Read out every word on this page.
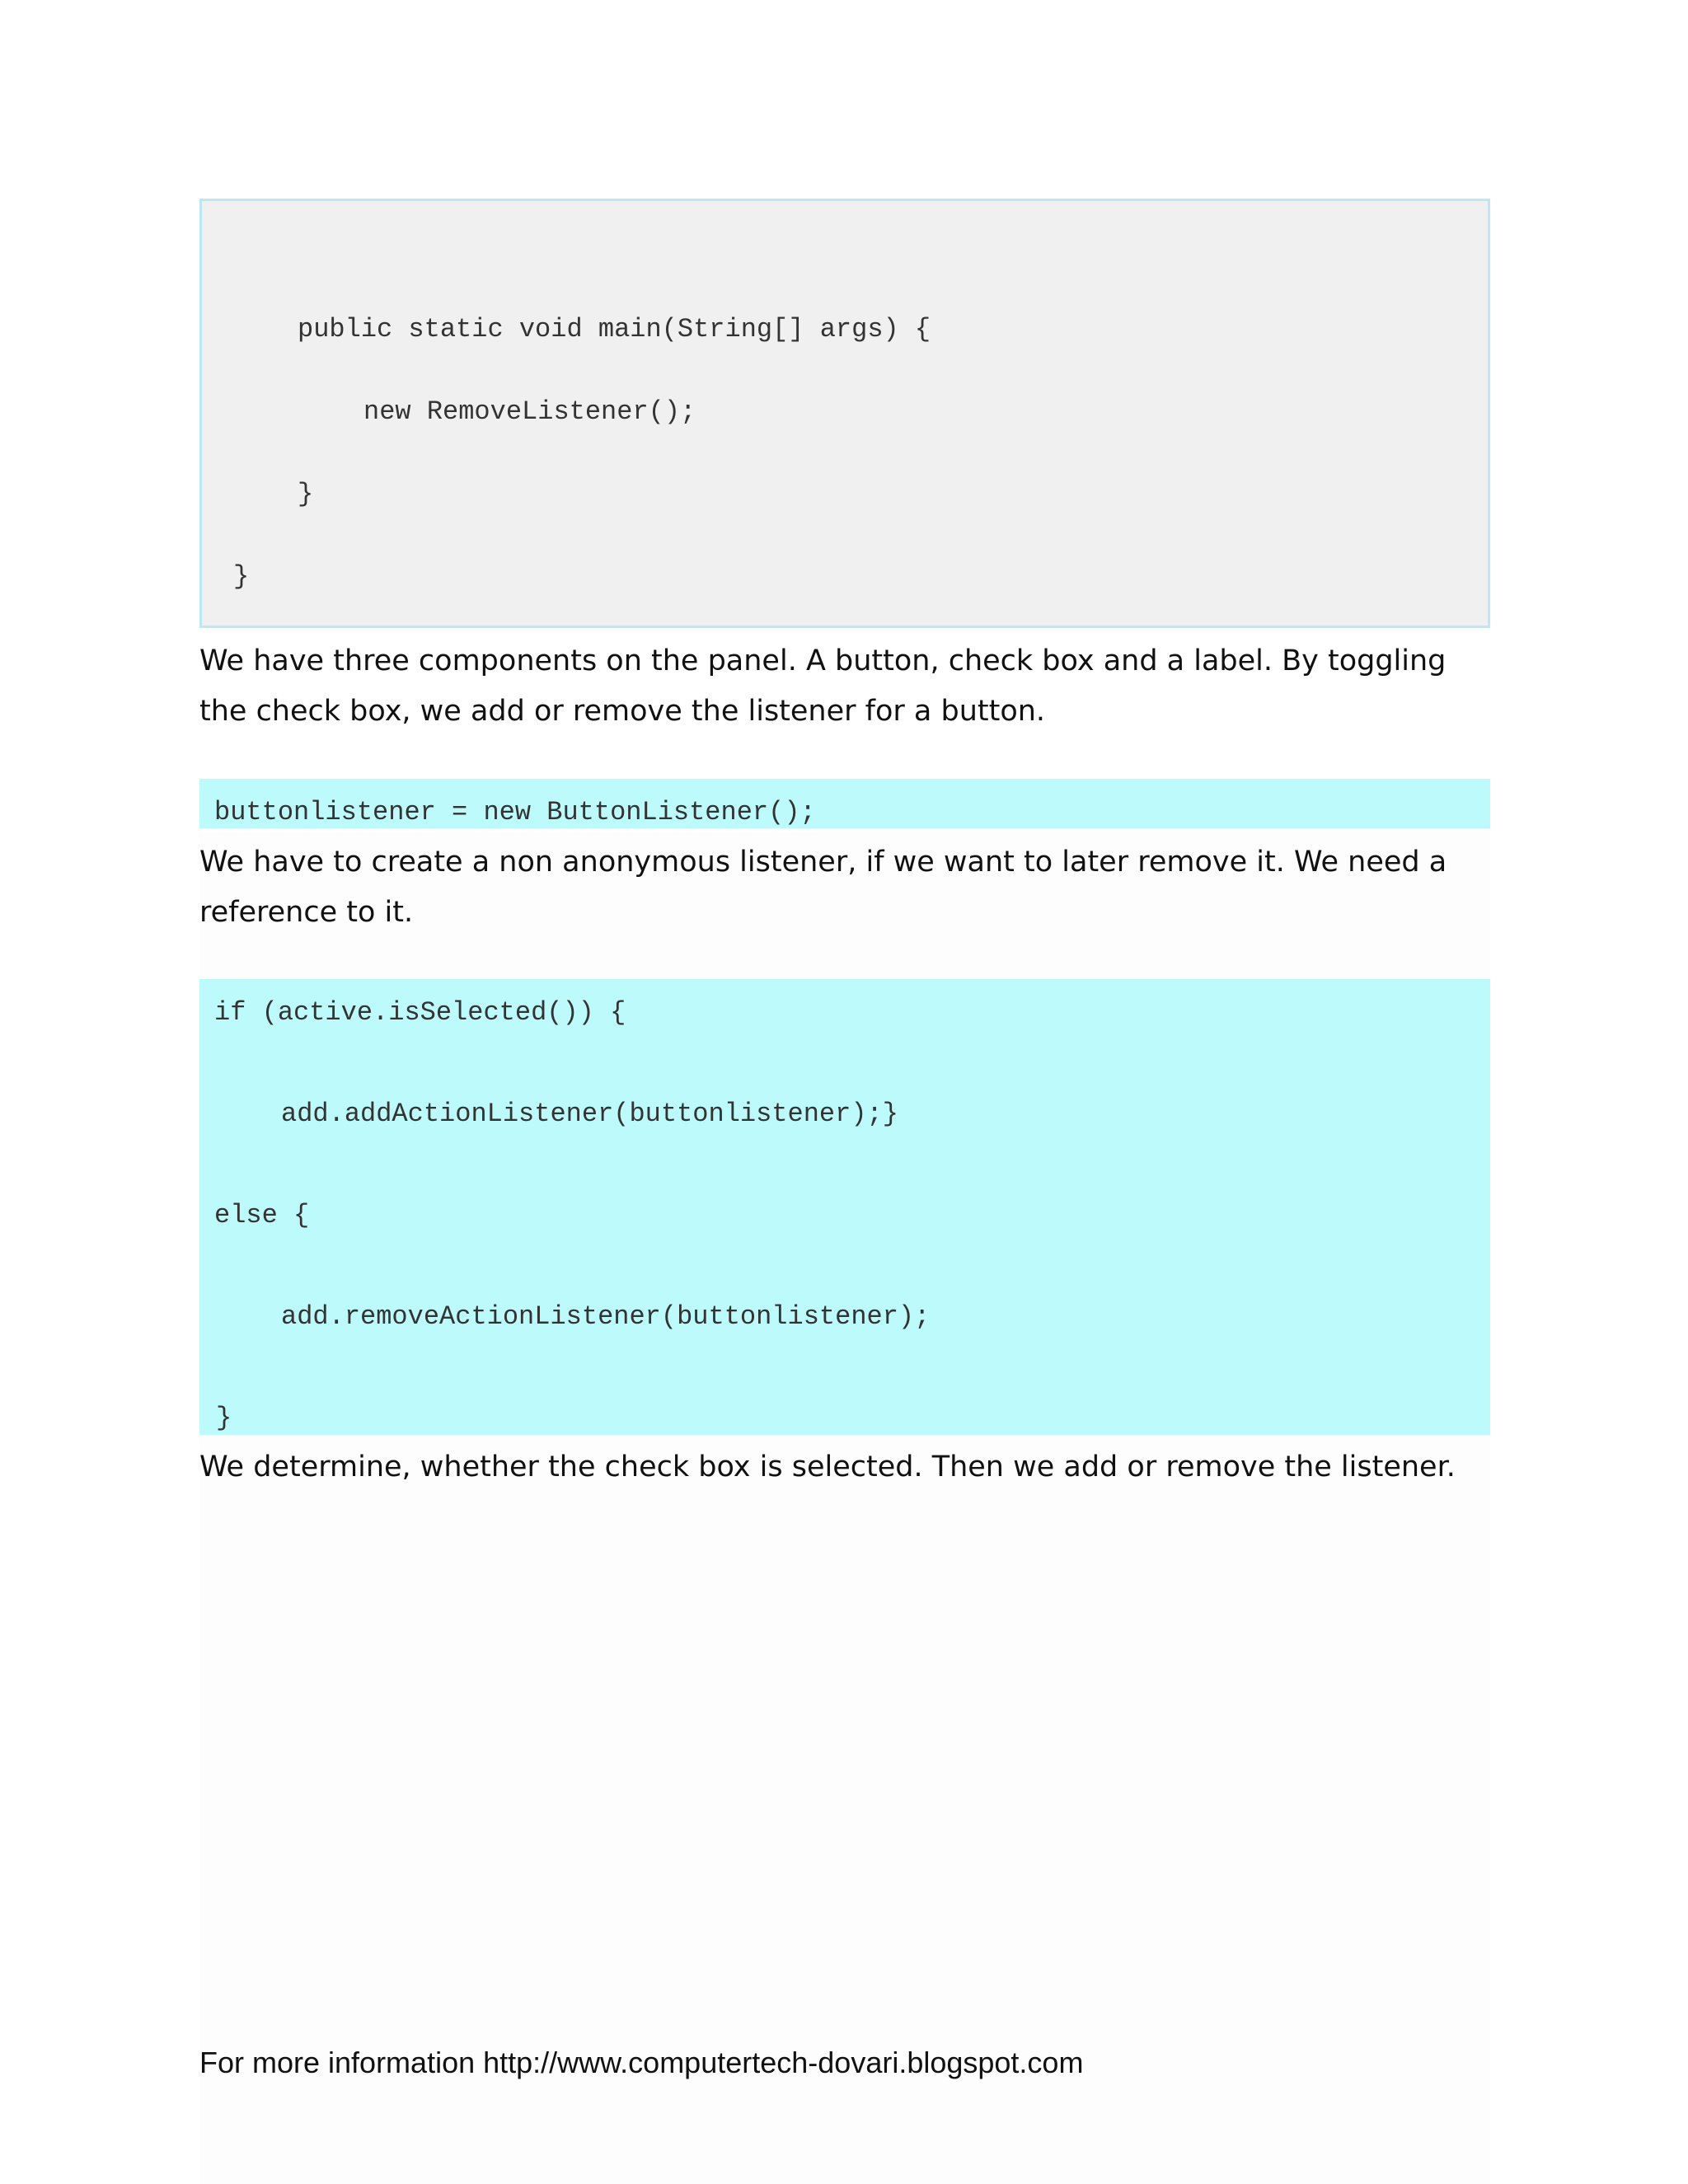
public static void main(String[] args) {
new RemoveListener();
}
}
We have three components on the panel. A button, check box and a label. By toggling the check box, we add or remove the listener for a button.
buttonlistener = new ButtonListener();
We have to create a non anonymous listener, if we want to later remove it. We need a reference to it.
if (active.isSelected()) {
add.addActionListener(buttonlistener);}
else {
add.removeActionListener(buttonlistener);
}
We determine, whether the check box is selected. Then we add or remove the listener.
For more information http://www.computertech-dovari.blogspot.com
